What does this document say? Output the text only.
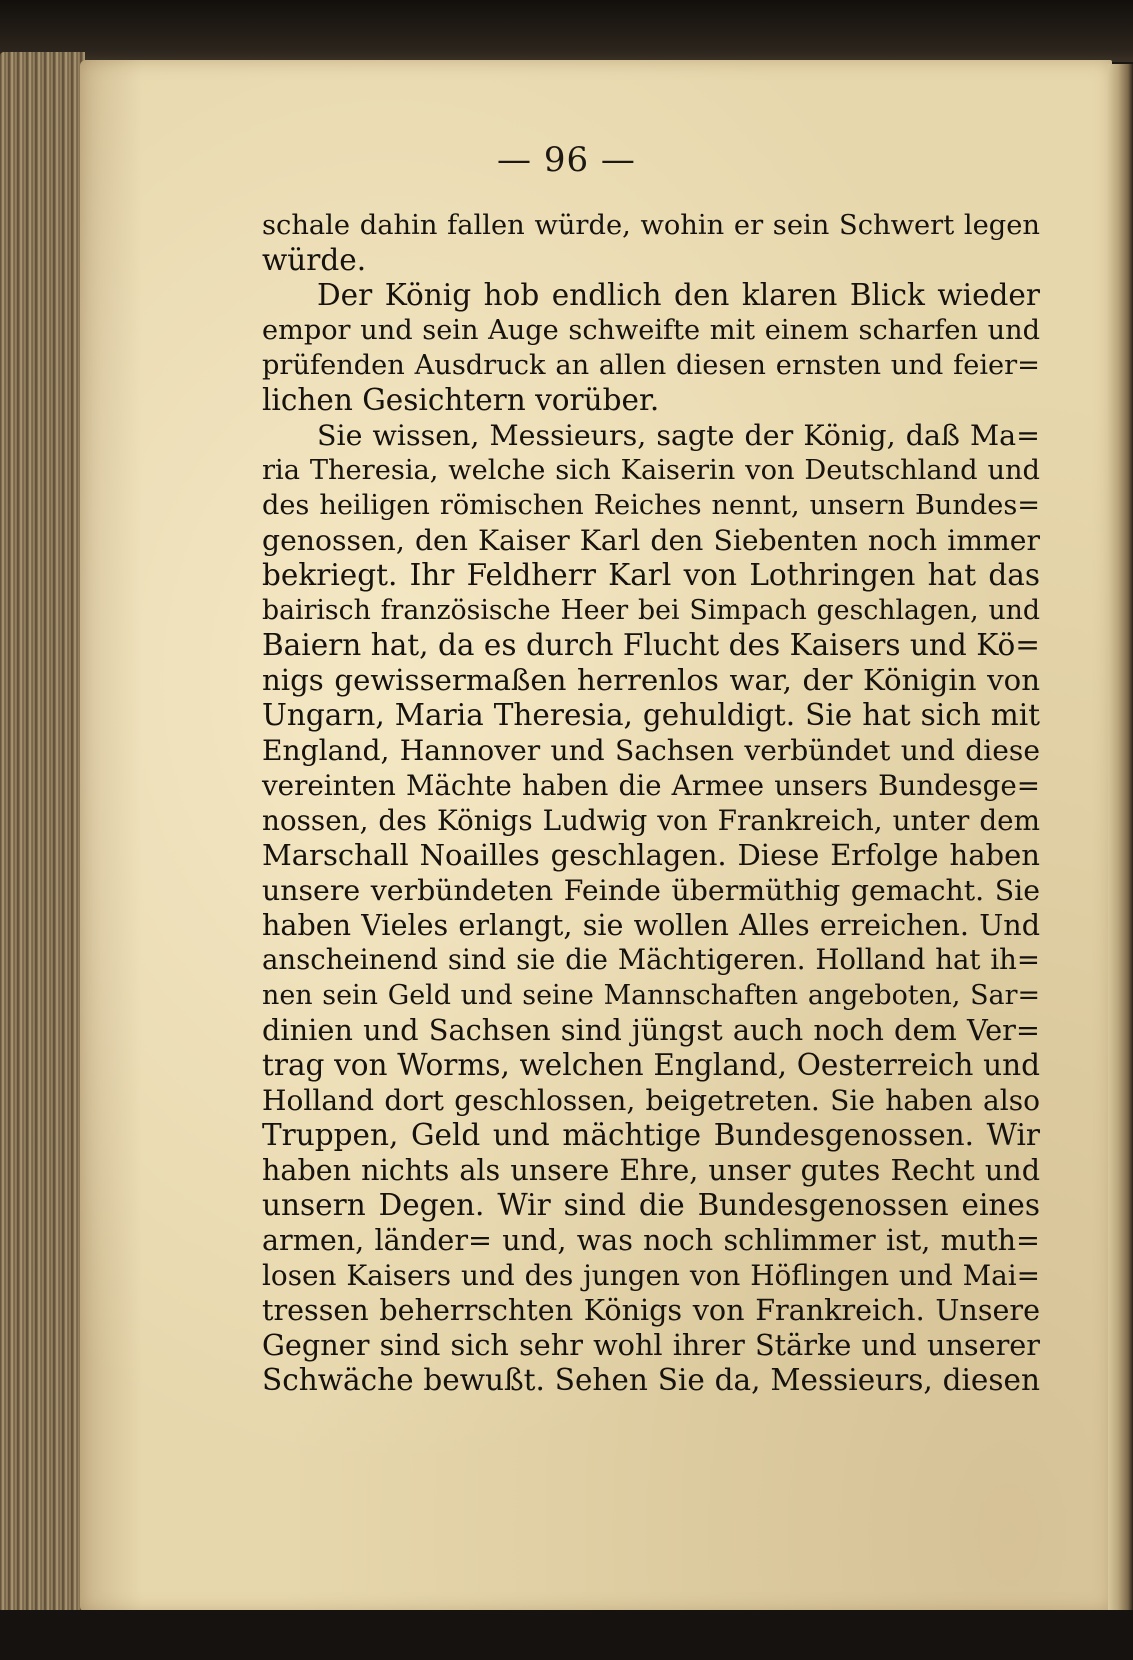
— 96 —
schale dahin fallen würde, wohin er sein Schwert legen
würde.
Der König hob endlich den klaren Blick wieder
empor und sein Auge schweifte mit einem scharfen und
prüfenden Ausdruck an allen diesen ernsten und feier=
lichen Gesichtern vorüber.
Sie wissen, Messieurs, sagte der König, daß Ma=
ria Theresia, welche sich Kaiserin von Deutschland und
des heiligen römischen Reiches nennt, unsern Bundes=
genossen, den Kaiser Karl den Siebenten noch immer
bekriegt. Ihr Feldherr Karl von Lothringen hat das
bairisch französische Heer bei Simpach geschlagen, und
Baiern hat, da es durch Flucht des Kaisers und Kö=
nigs gewissermaßen herrenlos war, der Königin von
Ungarn, Maria Theresia, gehuldigt. Sie hat sich mit
England, Hannover und Sachsen verbündet und diese
vereinten Mächte haben die Armee unsers Bundesge=
nossen, des Königs Ludwig von Frankreich, unter dem
Marschall Noailles geschlagen. Diese Erfolge haben
unsere verbündeten Feinde übermüthig gemacht. Sie
haben Vieles erlangt, sie wollen Alles erreichen. Und
anscheinend sind sie die Mächtigeren. Holland hat ih=
nen sein Geld und seine Mannschaften angeboten, Sar=
dinien und Sachsen sind jüngst auch noch dem Ver=
trag von Worms, welchen England, Oesterreich und
Holland dort geschlossen, beigetreten. Sie haben also
Truppen, Geld und mächtige Bundesgenossen. Wir
haben nichts als unsere Ehre, unser gutes Recht und
unsern Degen. Wir sind die Bundesgenossen eines
armen, länder= und, was noch schlimmer ist, muth=
losen Kaisers und des jungen von Höflingen und Mai=
tressen beherrschten Königs von Frankreich. Unsere
Gegner sind sich sehr wohl ihrer Stärke und unserer
Schwäche bewußt. Sehen Sie da, Messieurs, diesen
